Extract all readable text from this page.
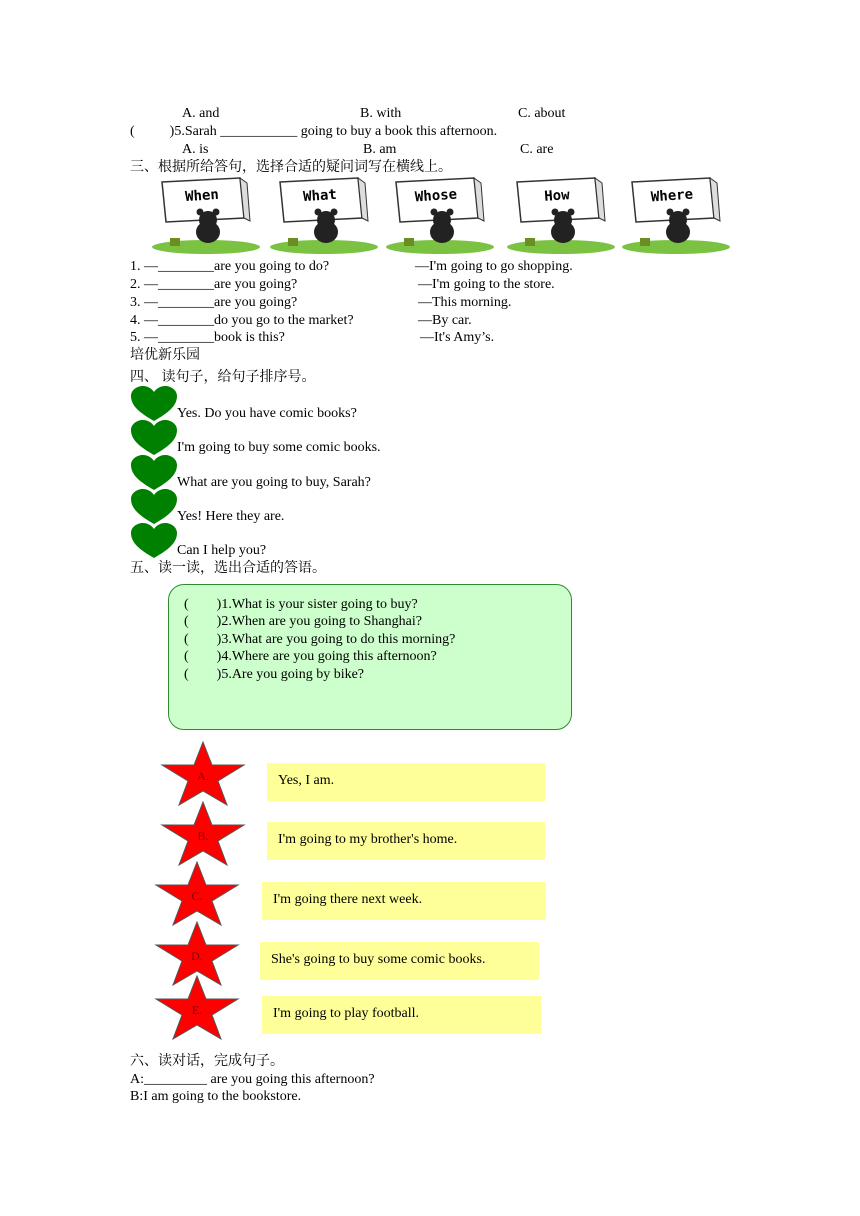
A. and	B. with	C. about
(          )5.Sarah ___________ going to buy a book this afternoon.
A. is	B. am	C. are
三、根据所给答句，选择合适的疑问词写在横线上。
When	What	Whose	How	Where
1. —________are you going to do?	—I'm going to go shopping.
2. —________are you going?	—I'm going to the store.
3. —________are you going?	—This morning.
4. —________do you go to the market?	—By car.
5. —________book is this?	—It's Amy’s.
培优新乐园
四、 读句子，给句子排序号。
Yes. Do you have comic books?
I'm going to buy some comic books.
What are you going to buy, Sarah?
Yes! Here they are.
Can I help you?
五、读一读，选出合适的答语。
(        )1.What is your sister going to buy?
(        )2.When are you going to Shanghai?
(        )3.What are you going to do this morning?
(        )4.Where are you going this afternoon?
(        )5.Are you going by bike?
A.
B.
C.
D.
E.
Yes, I am.
I'm going to my brother's home.
I'm going there next week.
She's going to buy some comic books.
I'm going to play football.
六、读对话，完成句子。
A:_________ are you going this afternoon?
B:I am going to the bookstore.
